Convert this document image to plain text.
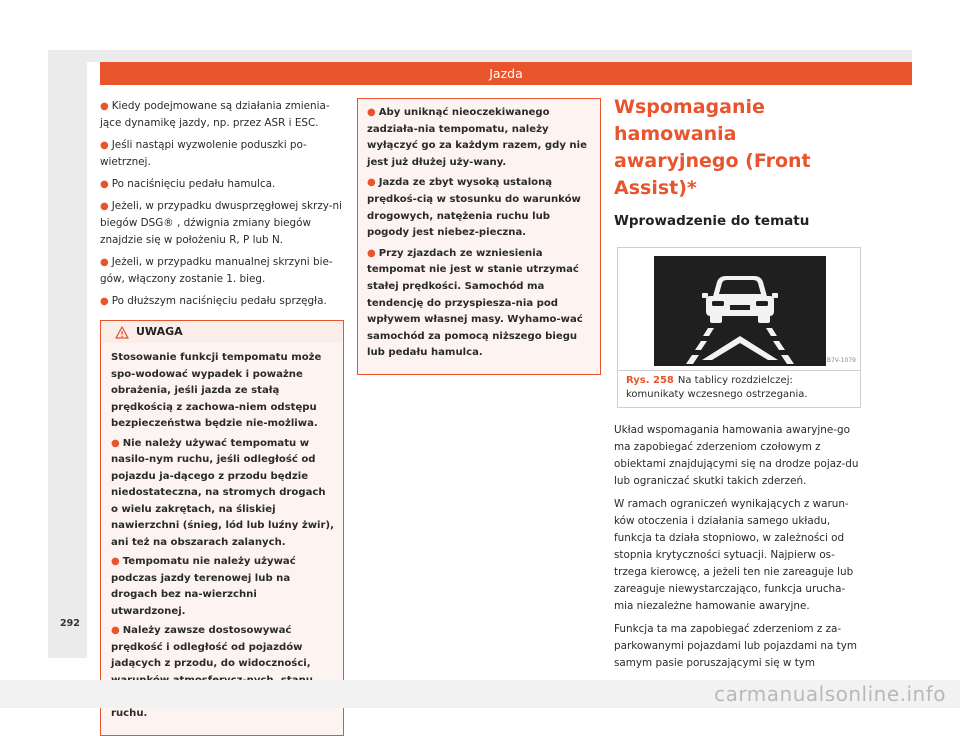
Jazda
● Kiedy podejmowane są działania zmienia-jące dynamikę jazdy, np. przez ASR i ESC.
● Jeśli nastąpi wyzwolenie poduszki po-wietrznej.
● Po naciśnięciu pedału hamulca.
● Jeżeli, w przypadku dwusprzęgłowej skrzy-ni biegów DSG® , dźwignia zmiany biegów znajdzie się w położeniu R, P lub N.
● Jeżeli, w przypadku manualnej skrzyni bie-gów, włączony zostanie 1. bieg.
● Po dłuższym naciśnięciu pedału sprzęgła.
UWAGA

Stosowanie funkcji tempomatu może spo-wodować wypadek i poważne obrażenia, jeśli jazda ze stałą prędkością z zachowa-niem odstępu bezpieczeństwa będzie nie-możliwa.

● Nie należy używać tempomatu w nasilo-nym ruchu, jeśli odległość od pojazdu ja-dącego z przodu będzie niedostateczna, na stromych drogach o wielu zakrętach, na śliskiej nawierzchni (śnieg, lód lub luźny żwir), ani też na obszarach zalanych.

● Tempomatu nie należy używać podczas jazdy terenowej lub na drogach bez na-wierzchni utwardzonej.

● Należy zawsze dostosowywać prędkość i odległość od pojazdów jadących z przodu, do widoczności, ruchu.

● Aby uniknąć nieoczekiwanego zadziała-nia tempomatu, należy wyłączyć go za każdym razem, gdy nie jest już dłużej uży-wany.

● Jazda ze zbyt wysoką ustaloną prędkoś-cią w stosunku do warunków drogowych, natężenia ruchu lub pogody jest niebez-pieczna.

● Przy zjazdach ze wzniesienia tempomat nie jest w stanie utrzymać stałej prędkości. Samochód ma tendencję do przyspiesza-nia pod wpływem własnej masy. Wyhamo-wać samochód za pomocą niższego biegu lub pedału hamulca.

Wspomaganie hamowania awaryjnego (Front Assist)*
Wprowadzenie do tematu
B7V-1079
Rys. 258 Na tablicy rozdzielczej: komunikaty wczesnego ostrzegania.

Układ wspomagania hamowania awaryjne-go ma zapobiegać zderzeniom czołowym z obiektami znajdującymi się na drodze pojaz-du lub ograniczać skutki takich zderzeń.

W ramach ograniczeń wynikających z warun-ków otoczenia i działania samego układu, funkcja ta działa stopniowo, w zależności od stopnia krytyczności sytuacji. Najpierw os-trzega kierowcę, a jeżeli ten nie zareaguje lub zareaguje niewystarczająco, funkcja urucha-mia niezależne hamowanie awaryjne.

Funkcja ta ma zapobiegać zderzeniom z za-parkowanymi pojazdami lub pojazdami na tym samym pasie poruszającymi się w tym

292
carmanualsonline.info
